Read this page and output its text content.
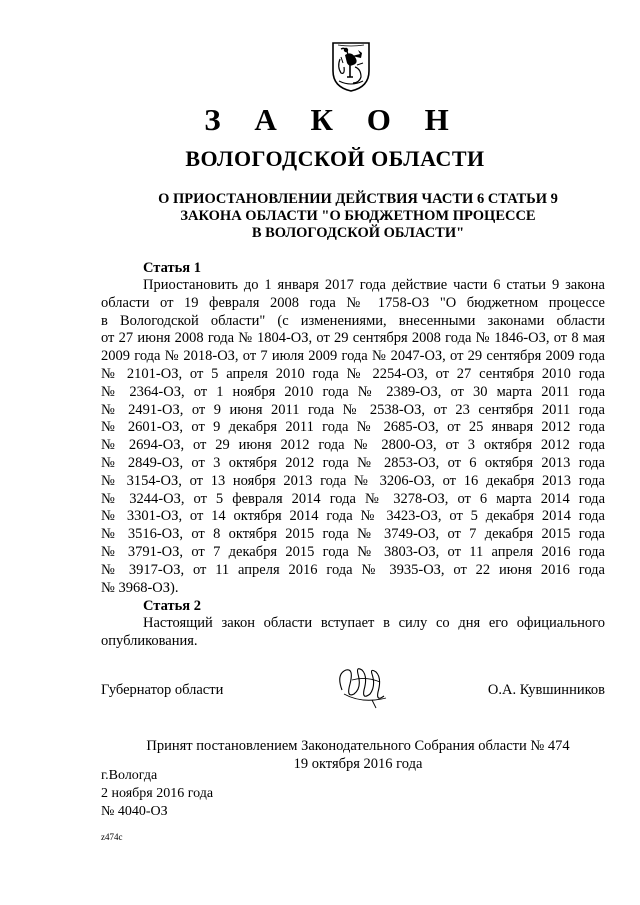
З А К О Н
ВОЛОГОДСКОЙ ОБЛАСТИ
О ПРИОСТАНОВЛЕНИИ ДЕЙСТВИЯ ЧАСТИ 6 СТАТЬИ 9
ЗАКОНА ОБЛАСТИ "О БЮДЖЕТНОМ ПРОЦЕССЕ
В ВОЛОГОДСКОЙ ОБЛАСТИ"
Статья 1
Приостановить до 1 января 2017 года действие части 6 статьи 9 закона
области от 19 февраля 2008 года № 1758-ОЗ "О бюджетном процессе
в Вологодской области" (с изменениями, внесенными законами области
от 27 июня 2008 года № 1804-ОЗ, от 29 сентября 2008 года № 1846-ОЗ, от 8 мая
2009 года № 2018-ОЗ, от 7 июля 2009 года № 2047-ОЗ, от 29 сентября 2009 года
№ 2101-ОЗ, от 5 апреля 2010 года № 2254-ОЗ, от 27 сентября 2010 года
№ 2364-ОЗ, от 1 ноября 2010 года № 2389-ОЗ, от 30 марта 2011 года
№ 2491-ОЗ, от 9 июня 2011 года № 2538-ОЗ, от 23 сентября 2011 года
№ 2601-ОЗ, от 9 декабря 2011 года № 2685-ОЗ, от 25 января 2012 года
№ 2694-ОЗ, от 29 июня 2012 года № 2800-ОЗ, от 3 октября 2012 года
№ 2849-ОЗ, от 3 октября 2012 года № 2853-ОЗ, от 6 октября 2013 года
№ 3154-ОЗ, от 13 ноября 2013 года № 3206-ОЗ, от 16 декабря 2013 года
№ 3244-ОЗ, от 5 февраля 2014 года № 3278-ОЗ, от 6 марта 2014 года
№ 3301-ОЗ, от 14 октября 2014 года № 3423-ОЗ, от 5 декабря 2014 года
№ 3516-ОЗ, от 8 октября 2015 года № 3749-ОЗ, от 7 декабря 2015 года
№ 3791-ОЗ, от 7 декабря 2015 года № 3803-ОЗ, от 11 апреля 2016 года
№ 3917-ОЗ, от 11 апреля 2016 года № 3935-ОЗ, от 22 июня 2016 года
№ 3968-ОЗ).
Статья 2
Настоящий закон области вступает в силу со дня его официального
опубликования.
Губернатор области	О.А. Кувшинников
Принят постановлением Законодательного Собрания области № 474
19 октября 2016 года
г.Вологда
2 ноября 2016 года
№ 4040-ОЗ
z474c
